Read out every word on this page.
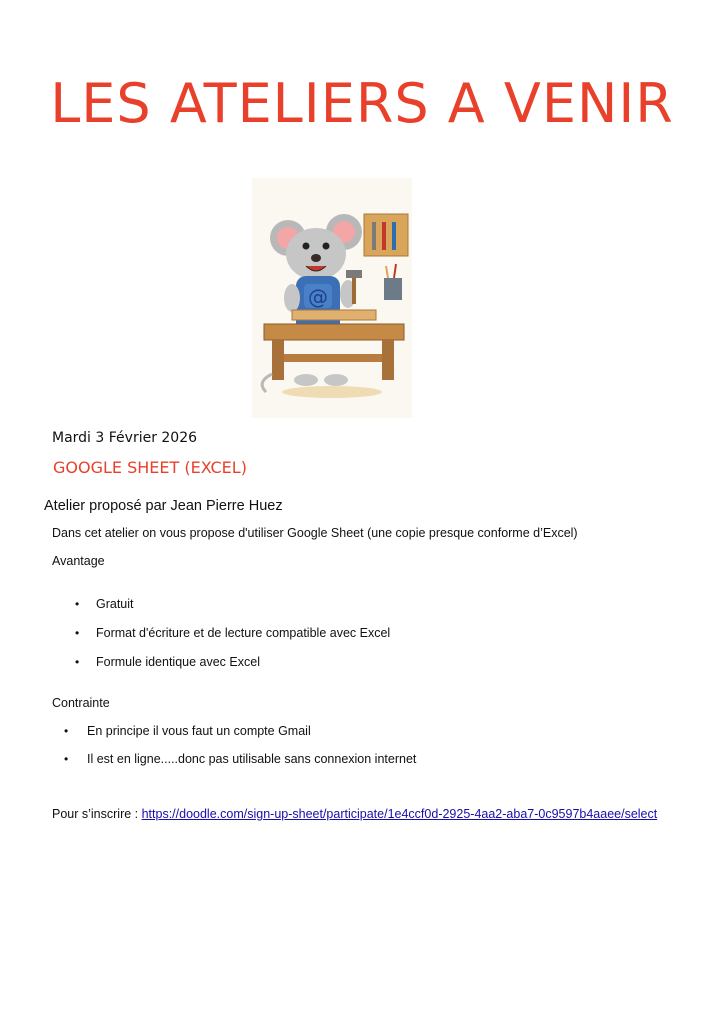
LES ATELIERS A VENIR
@
Mardi 3 Février 2026
GOOGLE SHEET (EXCEL)
Atelier proposé par Jean Pierre Huez
Dans cet atelier on vous propose d'utiliser Google Sheet (une copie presque conforme d’Excel)
Avantage
• Gratuit
• Format d'écriture et de lecture compatible avec Excel
• Formule identique avec Excel
Contrainte
• En principe il vous faut un compte Gmail
• Il est en ligne.....donc pas utilisable sans connexion internet
Pour s’inscrire : https://doodle.com/sign-up-sheet/participate/1e4ccf0d-2925-4aa2-aba7-0c9597b4aaee/select
